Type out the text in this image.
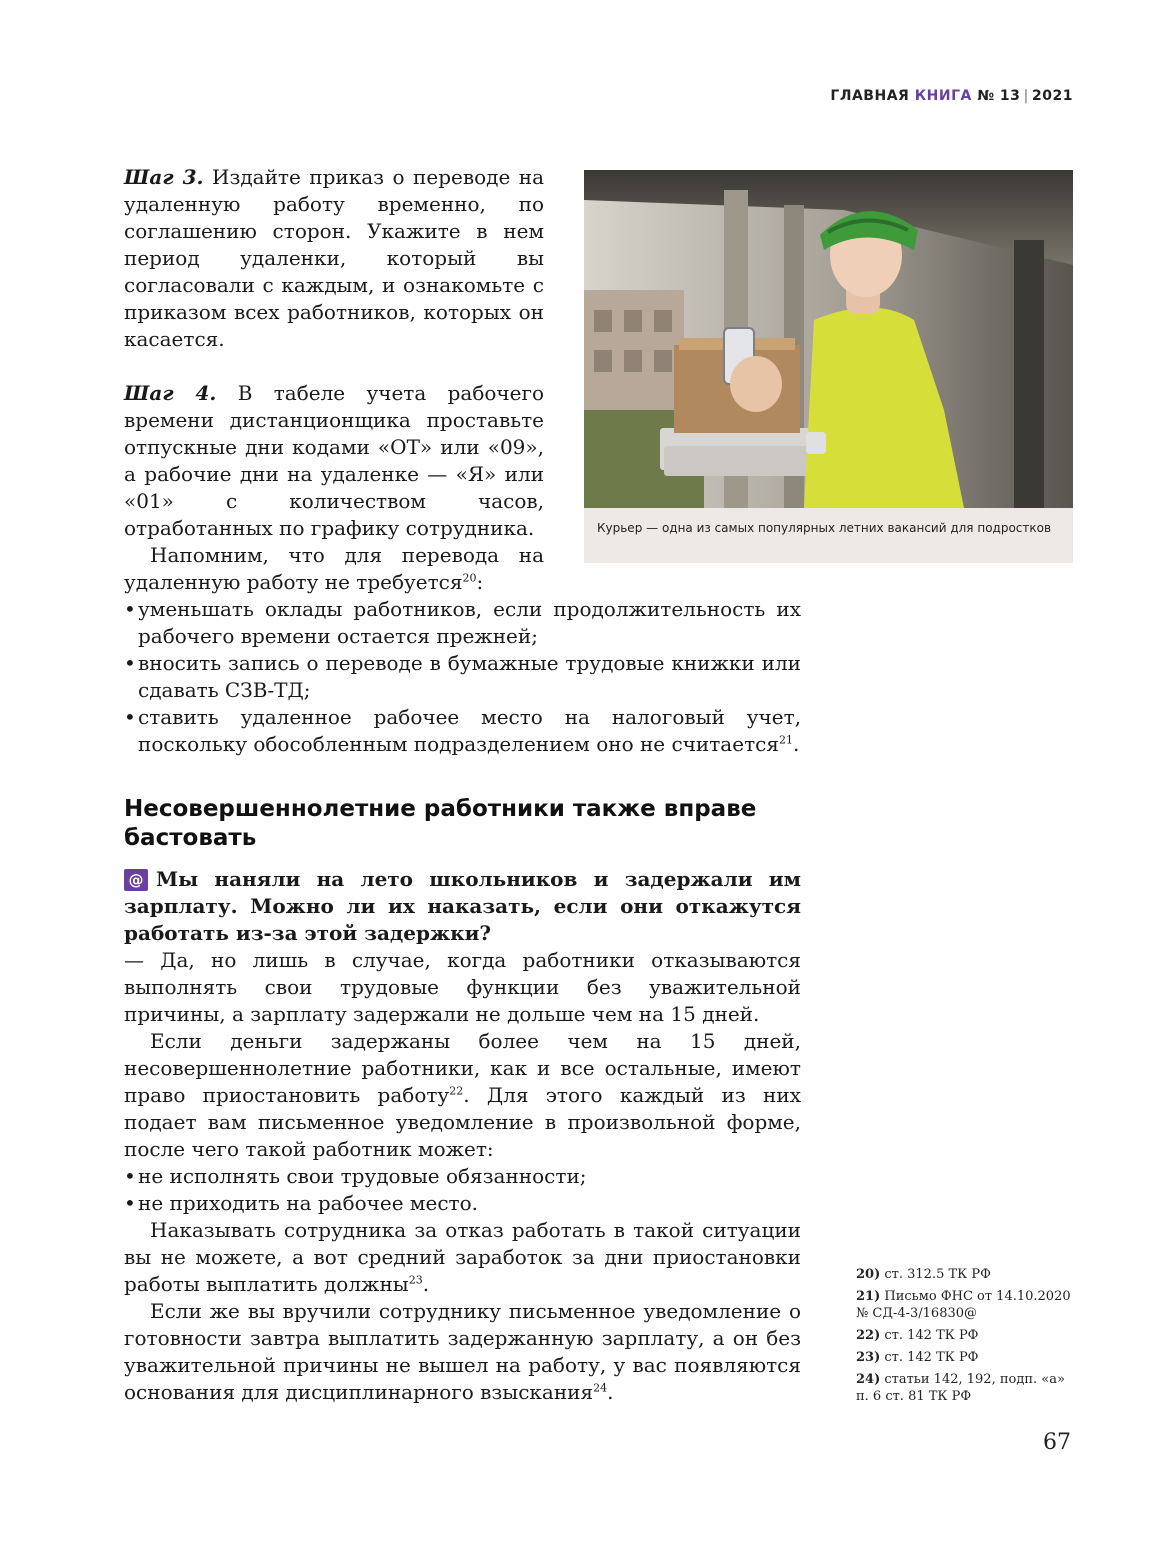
ГЛАВНАЯ КНИГА № 13 | 2021

Шаг 3. Издайте приказ о переводе на удаленную работу временно, по соглашению сторон. Укажите в нем период удаленки, который вы согласовали с каждым, и ознакомьте с приказом всех работников, которых он касается.

Шаг 4. В табеле учета рабочего времени дистанционщика проставьте отпускные дни кодами «ОТ» или «09», а рабочие дни на удаленке — «Я» или «01» с количеством часов, отработанных по графику сотрудника.

Напомним, что для перевода на удаленную работу не требуется$^{20}$:

• уменьшать оклады работников, если продолжительность их рабочего времени остается прежней;
• вносить запись о переводе в бумажные трудовые книжки или сдавать СЗВ-ТД;
• ставить удаленное рабочее место на налоговый учет, поскольку обособленным подразделением оно не считается$^{21}$.
Несовершеннолетние работники также вправе бастовать

@ Мы наняли на лето школьников и задержали им зарплату. Можно ли их наказать, если они откажутся работать из-за этой задержки?

— Да, но лишь в случае, когда работники отказываются выполнять свои трудовые функции без уважительной причины, а зарплату задержали не дольше чем на 15 дней.

Если деньги задержаны более чем на 15 дней, несовершеннолетние работники, как и все остальные, имеют право приостановить работу$^{22}$. Для этого каждый из них подает вам письменное уведомление в произвольной форме, после чего такой работник может:

• не исполнять свои трудовые обязанности;
• не приходить на рабочее место.

Наказывать сотрудника за отказ работать в такой ситуации вы не можете, а вот средний заработок за дни приостановки работы выплатить должны$^{23}$.

Если же вы вручили сотруднику письменное уведомление о готовности завтра выплатить задержанную зарплату, а он без уважительной причины не вышел на работу, у вас появляются основания для дисциплинарного взыскания$^{24}$.

Курьер — одна из самых популярных летних вакансий для подростков

20) ст. 312.5 ТК РФ
21) Письмо ФНС от 14.10.2020 № СД-4-3/16830@
22) ст. 142 ТК РФ
23) ст. 142 ТК РФ
24) статьи 142, 192, подп. «а» п. 6 ст. 81 ТК РФ
67
